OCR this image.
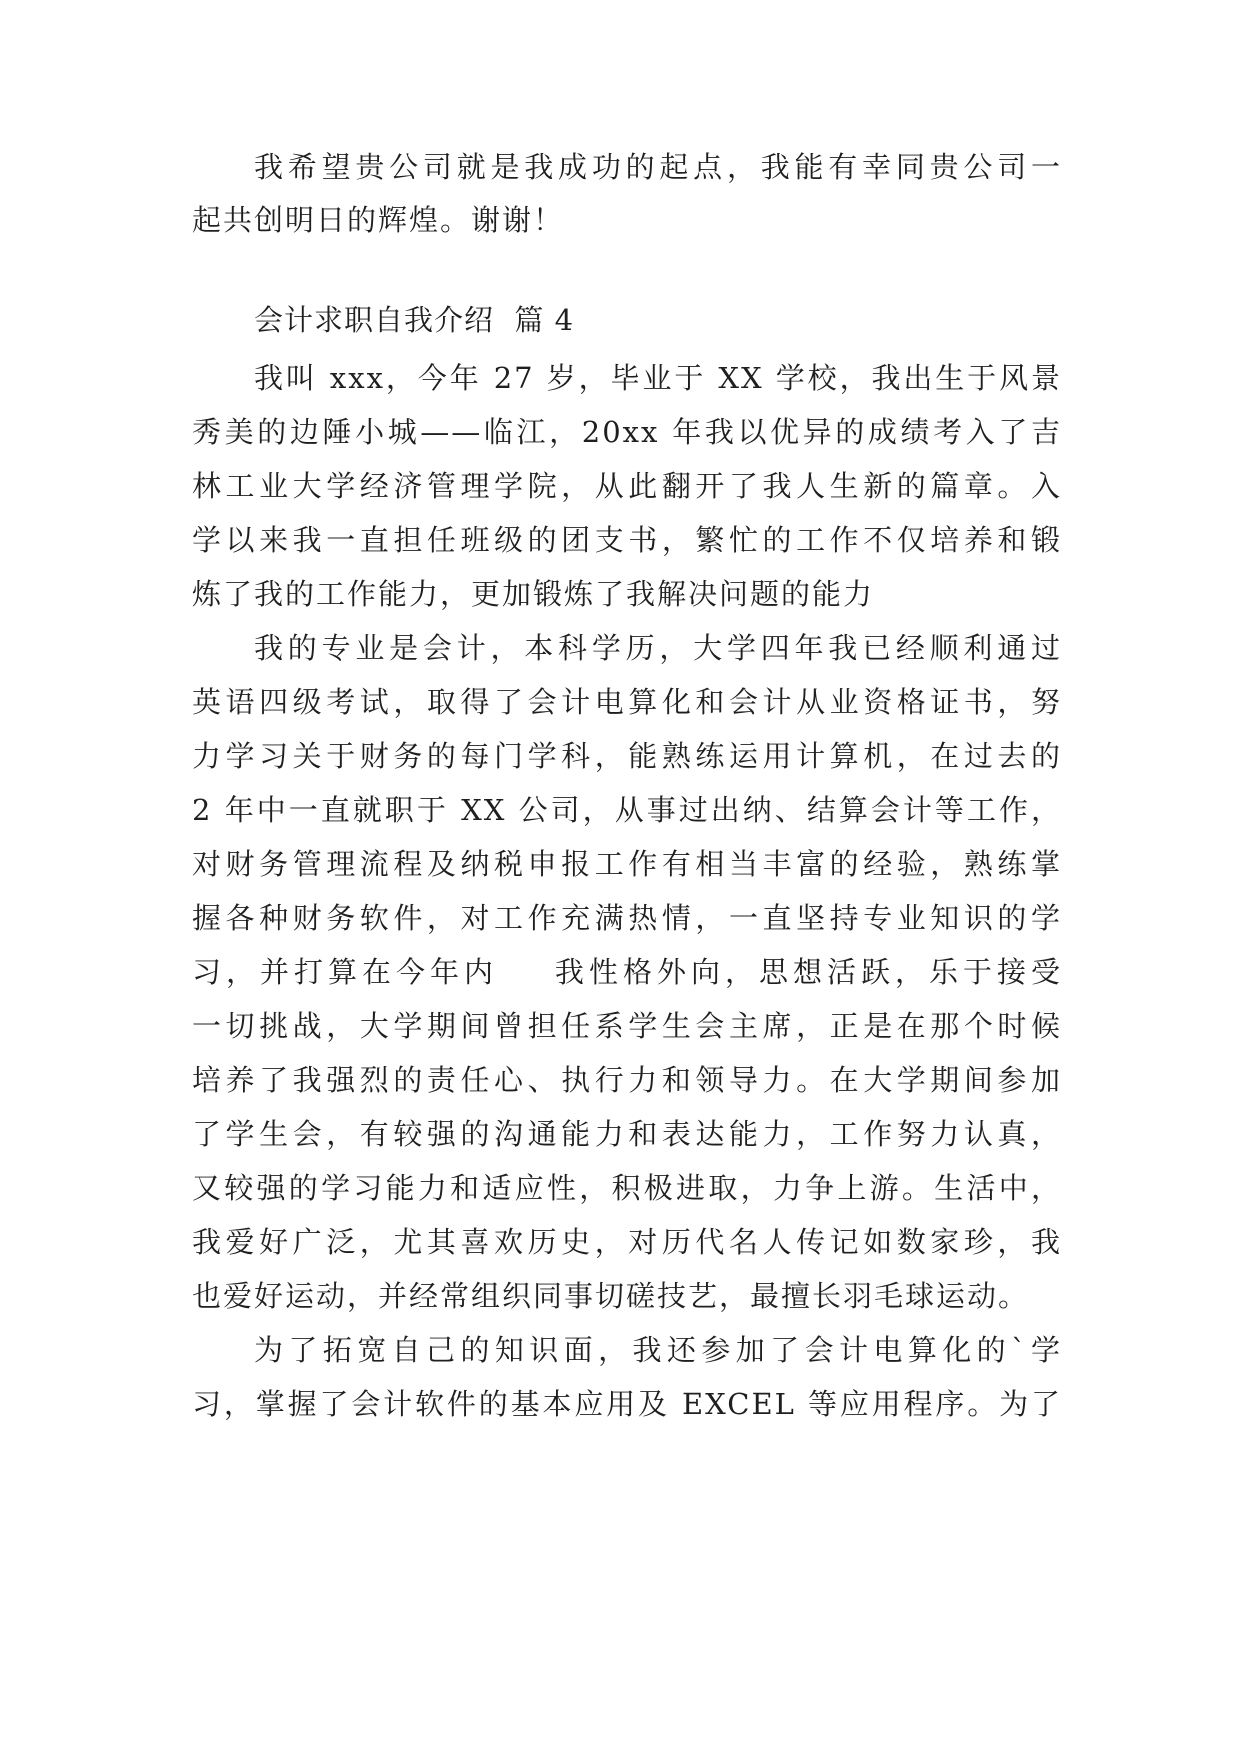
我希望贵公司就是我成功的起点，我能有幸同贵公司一
起共创明日的辉煌。谢谢！
会计求职自我介绍  篇 4
我叫 xxx，今年 27 岁，毕业于 XX 学校，我出生于风景
秀美的边陲小城——临江，20xx 年我以优异的成绩考入了吉
林工业大学经济管理学院，从此翻开了我人生新的篇章。入
学以来我一直担任班级的团支书，繁忙的工作不仅培养和锻
炼了我的工作能力，更加锻炼了我解决问题的能力
我的专业是会计，本科学历，大学四年我已经顺利通过
英语四级考试，取得了会计电算化和会计从业资格证书，努
力学习关于财务的每门学科，能熟练运用计算机，在过去的
2 年中一直就职于 XX 公司，从事过出纳、结算会计等工作，
对财务管理流程及纳税申报工作有相当丰富的经验，熟练掌
握各种财务软件，对工作充满热情，一直坚持专业知识的学
习，并打算在今年内    我性格外向，思想活跃，乐于接受
一切挑战，大学期间曾担任系学生会主席，正是在那个时候
培养了我强烈的责任心、执行力和领导力。在大学期间参加
了学生会，有较强的沟通能力和表达能力，工作努力认真，
又较强的学习能力和适应性，积极进取，力争上游。生活中，
我爱好广泛，尤其喜欢历史，对历代名人传记如数家珍，我
也爱好运动，并经常组织同事切磋技艺，最擅长羽毛球运动。
为了拓宽自己的知识面，我还参加了会计电算化的`学
习，掌握了会计软件的基本应用及 EXCEL 等应用程序。为了
